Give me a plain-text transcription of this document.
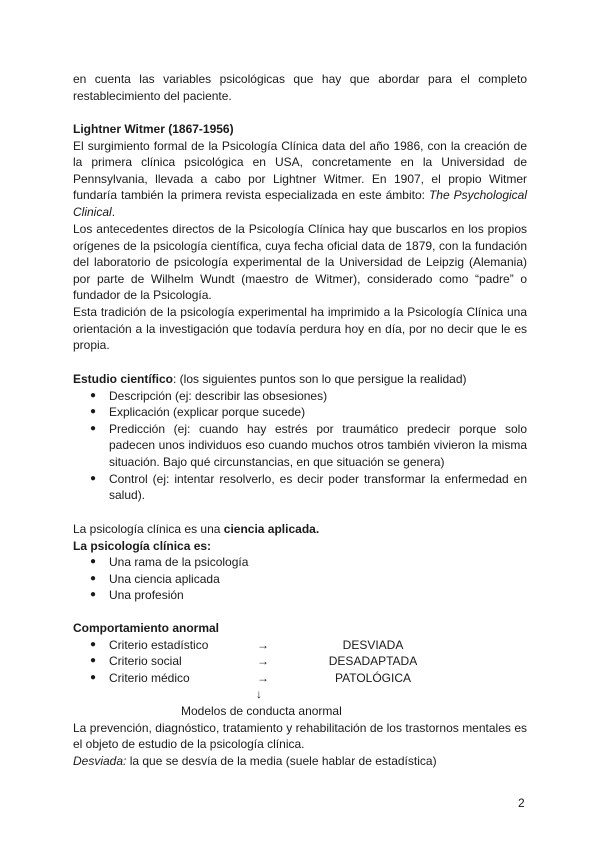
en cuenta las variables psicológicas que hay que abordar para el completo restablecimiento del paciente.

Lightner Witmer (1867-1956)

El surgimiento formal de la Psicología Clínica data del año 1986, con la creación de la primera clínica psicológica en USA, concretamente en la Universidad de Pennsylvania, llevada a cabo por Lightner Witmer. En 1907, el propio Witmer fundaría también la primera revista especializada en este ámbito: The Psychological Clinical.

Los antecedentes directos de la Psicología Clínica hay que buscarlos en los propios orígenes de la psicología científica, cuya fecha oficial data de 1879, con la fundación del laboratorio de psicología experimental de la Universidad de Leipzig (Alemania) por parte de Wilhelm Wundt (maestro de Witmer), considerado como “padre” o fundador de la Psicología.

Esta tradición de la psicología experimental ha imprimido a la Psicología Clínica una orientación a la investigación que todavía perdura hoy en día, por no decir que le es propia.

Estudio científico: (los siguientes puntos son lo que persigue la realidad)

● Descripción (ej: describir las obsesiones)
● Explicación (explicar porque sucede)
● Predicción (ej: cuando hay estrés por traumático predecir porque solo padecen unos individuos eso cuando muchos otros también vivieron la misma situación. Bajo qué circunstancias, en que situación se genera)
● Control (ej: intentar resolverlo, es decir poder transformar la enfermedad en salud).

La psicología clínica es una ciencia aplicada.

La psicología clínica es:

● Una rama de la psicología
● Una ciencia aplicada
● Una profesión

Comportamiento anormal

● Criterio estadístico	→	DESVIADA
● Criterio social	→	DESADAPTADA
● Criterio médico	→	PATOLÓGICA
↓
Modelos de conducta anormal

La prevención, diagnóstico, tratamiento y rehabilitación de los trastornos mentales es el objeto de estudio de la psicología clínica.

Desviada: la que se desvía de la media (suele hablar de estadística)

2
